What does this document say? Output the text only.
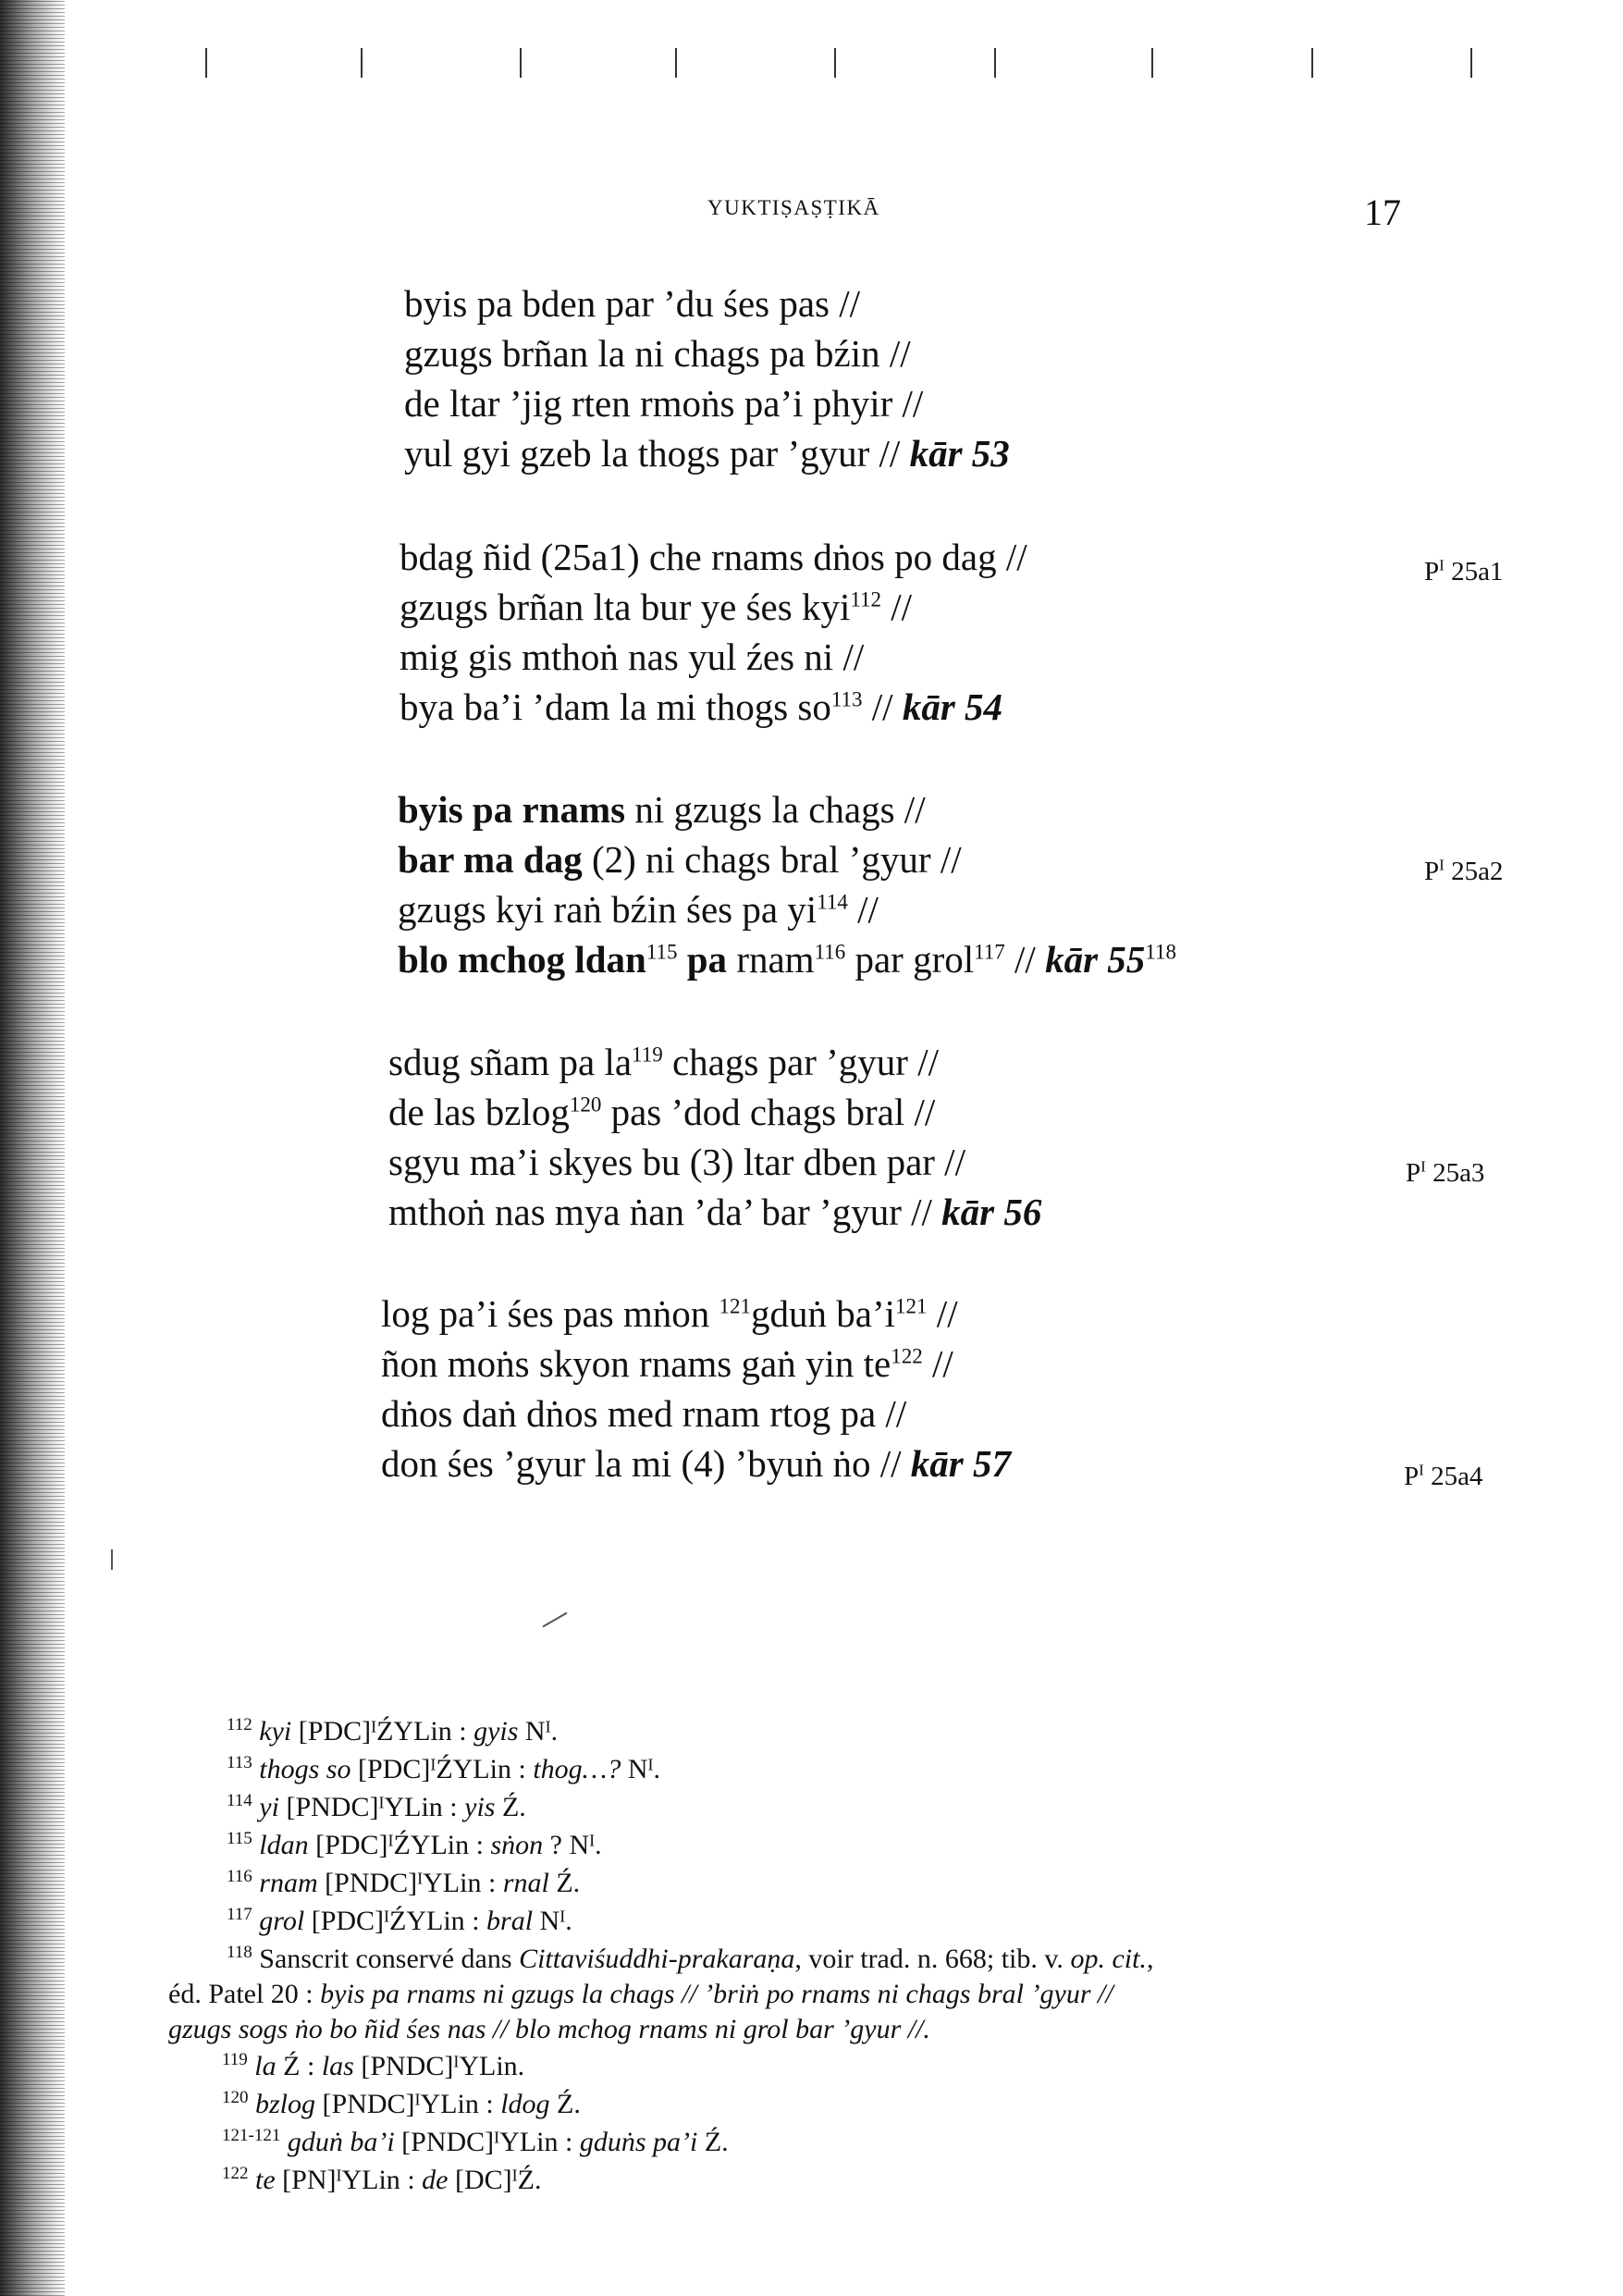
YUKTIṢAṢṬIKĀ	17
byis pa bden par ’du śes pas //
gzugs brñan la ni chags pa bźin //
de ltar ’jig rten rmoṅs pa’i phyir //
yul gyi gzeb la thogs par ’gyur // kār 53
bdag ñid (25a1) che rnams dṅos po dag //
gzugs brñan lta bur ye śes kyi$^{112}$ //
mig gis mthoṅ nas yul źes ni //
bya ba’i ’dam la mi thogs $so^{113}$ // kār 54
$P^I$ 25a1
byis pa rnams ni gzugs la chags //
bar ma dag (2) ni chags bral ’gyur //
gzugs kyi raṅ bźin śes pa $yi^{114}$ //
blo mchog ldan$^{115}$ pa rnam$^{116}$ par grol$^{117}$ // kār $55^{118}$
$P^I$ 25a2
sdug sñam pa $la^{119}$ chags par ’gyur //
de las bzlog$^{120}$ pas ’dod chags bral //
sgyu ma’i skyes bu (3) ltar dben par //
mthoṅ nas mya ṅan ’da’ bar ’gyur // kār 56
$P^I$ 25a3
log pa’i śes pas mṅon $^{121}$gduṅ $ba’i^{121}$ //
ñon moṅs skyon rnams gaṅ yin $te^{122}$ //
dṅos daṅ dṅos med rnam rtog pa //
don śes ’gyur la mi (4) ’byuṅ ṅo // kār 57	$P^I$ 25a4
$^{112}$ kyi [PDC]ᴵŹYLin : gyis Nᴵ.
$^{113}$ thogs so [PDC]ᴵŹYLin : thog…? Nᴵ.
$^{114}$ yi [PNDC]ᴵYLin : yis Ź.
$^{115}$ ldan [PDC]ᴵŹYLin : sṅon ? Nᴵ.
$^{116}$ rnam [PNDC]ᴵYLin : rnal Ź.
$^{117}$ grol [PDC]ᴵŹYLin : bral Nᴵ.
$^{118}$ Sanscrit conservé dans Cittaviśuddhi-prakaraṇa, voir trad. n. 668; tib. v. op. cit.,
éd. Patel 20 : byis pa rnams ni gzugs la chags // ’briṅ po rnams ni chags bral ’gyur //
gzugs sogs ṅo bo ñid śes nas // blo mchog rnams ni grol bar ’gyur //.
$^{119}$ la Ź : las [PNDC]ᴵYLin.
$^{120}$ bzlog [PNDC]ᴵYLin : ldog Ź.
$^{121-121}$ gduṅ ba’i [PNDC]ᴵYLin : gduṅs pa’i Ź.
$^{122}$ te [PN]ᴵYLin : de [DC]ᴵŹ.
